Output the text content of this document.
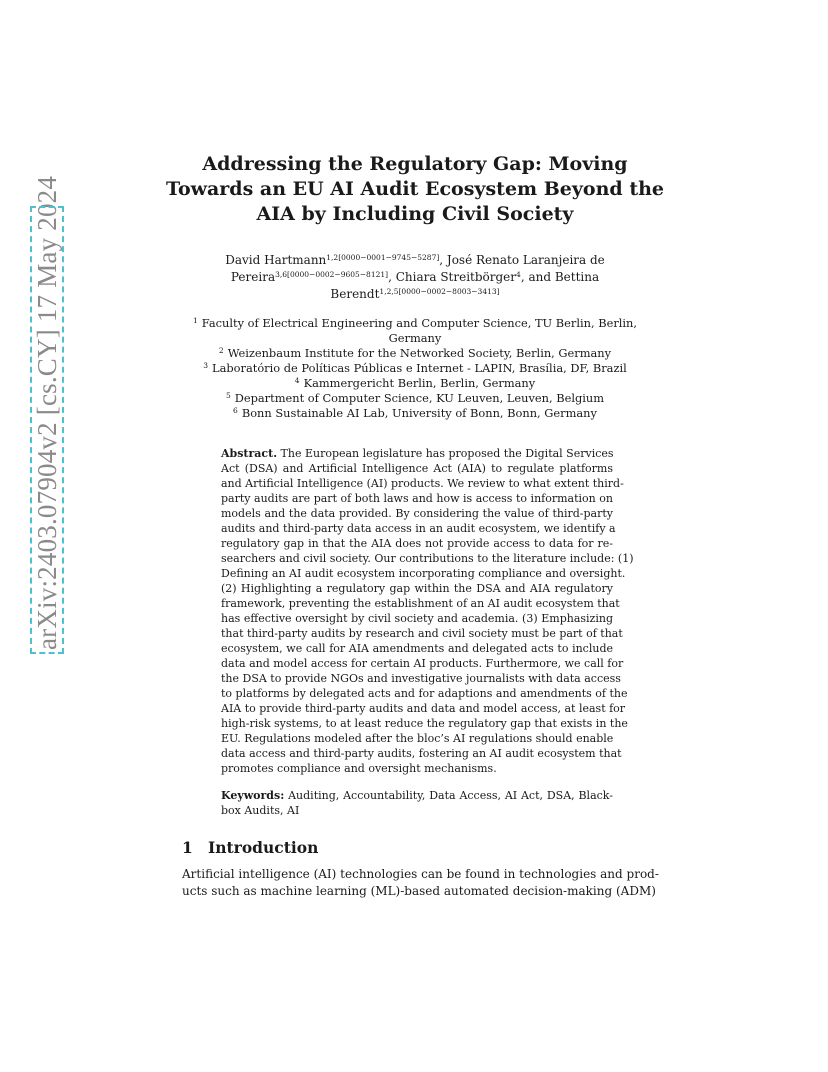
arXiv:2403.07904v2 [cs.CY] 17 May 2024
Addressing the Regulatory Gap: Moving
Towards an EU AI Audit Ecosystem Beyond the
AIA by Including Civil Society
David Hartmann$^{1,2[0000-0001-9745-5287]}$, José Renato Laranjeira de
Pereira$^{3,6[0000-0002-9605-8121]}$, Chiara Streitbörger$^4$, and Bettina
Berendt$^{1,2,5[0000-0002-8003-3413]}$
$^1$ Faculty of Electrical Engineering and Computer Science, TU Berlin, Berlin,
Germany
$^2$ Weizenbaum Institute for the Networked Society, Berlin, Germany
$^3$ Laboratório de Políticas Públicas e Internet - LAPIN, Brasília, DF, Brazil
$^4$ Kammergericht Berlin, Berlin, Germany
$^5$ Department of Computer Science, KU Leuven, Leuven, Belgium
$^6$ Bonn Sustainable AI Lab, University of Bonn, Bonn, Germany
Abstract. The European legislature has proposed the Digital Services
Act (DSA) and Artificial Intelligence Act (AIA) to regulate platforms
and Artificial Intelligence (AI) products. We review to what extent third-
party audits are part of both laws and how is access to information on
models and the data provided. By considering the value of third-party
audits and third-party data access in an audit ecosystem, we identify a
regulatory gap in that the AIA does not provide access to data for re-
searchers and civil society. Our contributions to the literature include: (1)
Defining an AI audit ecosystem incorporating compliance and oversight.
(2) Highlighting a regulatory gap within the DSA and AIA regulatory
framework, preventing the establishment of an AI audit ecosystem that
has effective oversight by civil society and academia. (3) Emphasizing
that third-party audits by research and civil society must be part of that
ecosystem, we call for AIA amendments and delegated acts to include
data and model access for certain AI products. Furthermore, we call for
the DSA to provide NGOs and investigative journalists with data access
to platforms by delegated acts and for adaptions and amendments of the
AIA to provide third-party audits and data and model access, at least for
high-risk systems, to at least reduce the regulatory gap that exists in the
EU. Regulations modeled after the bloc’s AI regulations should enable
data access and third-party audits, fostering an AI audit ecosystem that
promotes compliance and oversight mechanisms.
Keywords: Auditing, Accountability, Data Access, AI Act, DSA, Black-
box Audits, AI
1 Introduction
Artificial intelligence (AI) technologies can be found in technologies and prod-
ucts such as machine learning (ML)-based automated decision-making (ADM)
